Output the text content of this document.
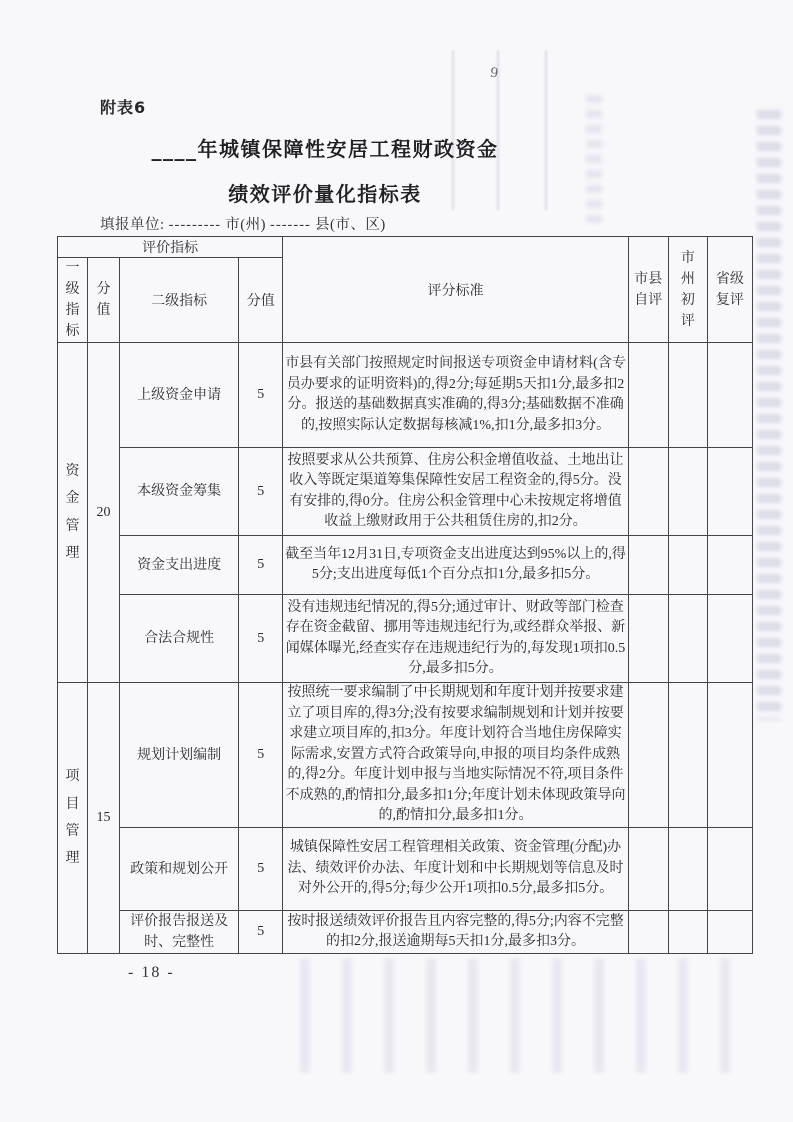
附表6
____年城镇保障性安居工程财政资金
绩效评价量化指标表
9
填报单位: --------- 市(州) ------- 县(市、区)
评价指标				评分标准	市县自评	市州初评	省级复评
一级指标	分值	二级指标	分值				
资金管理	20	上级资金申请	5	市县有关部门按照规定时间报送专项资金申请材料(含专员办要求的证明资料)的,得2分;每延期5天扣1分,最多扣2分。报送的基础数据真实准确的,得3分;基础数据不准确的,按照实际认定数据每核减1%,扣1分,最多扣3分。			
		本级资金筹集	5	按照要求从公共预算、住房公积金增值收益、土地出让收入等既定渠道筹集保障性安居工程资金的,得5分。没有安排的,得0分。住房公积金管理中心未按规定将增值收益上缴财政用于公共租赁住房的,扣2分。			
		资金支出进度	5	截至当年12月31日,专项资金支出进度达到95%以上的,得5分;支出进度每低1个百分点扣1分,最多扣5分。			
		合法合规性	5	没有违规违纪情况的,得5分;通过审计、财政等部门检查存在资金截留、挪用等违规违纪行为,或经群众举报、新闻媒体曝光,经查实存在违规违纪行为的,每发现1项扣0.5分,最多扣5分。			
项目管理	15	规划计划编制	5	按照统一要求编制了中长期规划和年度计划并按要求建立了项目库的,得3分;没有按要求编制规划和计划并按要求建立项目库的,扣3分。年度计划符合当地住房保障实际需求,安置方式符合政策导向,申报的项目均条件成熟的,得2分。年度计划申报与当地实际情况不符,项目条件不成熟的,酌情扣分,最多扣1分;年度计划未体现政策导向的,酌情扣分,最多扣1分。			
		政策和规划公开	5	城镇保障性安居工程管理相关政策、资金管理(分配)办法、绩效评价办法、年度计划和中长期规划等信息及时对外公开的,得5分;每少公开1项扣0.5分,最多扣5分。			
		评价报告报送及时、完整性	5	按时报送绩效评价报告且内容完整的,得5分;内容不完整的扣2分,报送逾期每5天扣1分,最多扣3分。			
- 18 -
